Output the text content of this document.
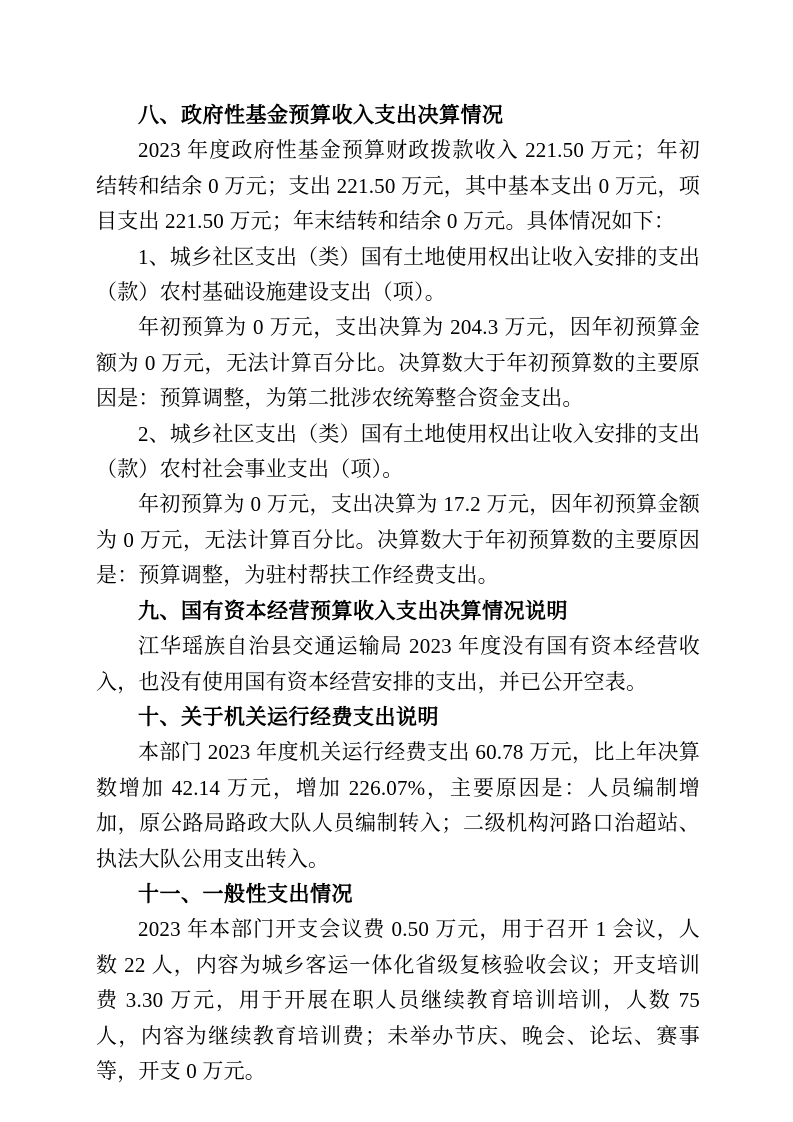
八、政府性基金预算收入支出决算情况

2023 年度政府性基金预算财政拨款收入 221.50 万元；年初结转和结余 0 万元；支出 221.50 万元，其中基本支出 0 万元，项目支出 221.50 万元；年末结转和结余 0 万元。具体情况如下：

1、城乡社区支出（类）国有土地使用权出让收入安排的支出（款）农村基础设施建设支出（项）。

年初预算为 0 万元，支出决算为 204.3 万元，因年初预算金额为 0 万元，无法计算百分比。决算数大于年初预算数的主要原因是：预算调整，为第二批涉农统筹整合资金支出。

2、城乡社区支出（类）国有土地使用权出让收入安排的支出（款）农村社会事业支出（项）。

年初预算为 0 万元，支出决算为 17.2 万元，因年初预算金额为 0 万元，无法计算百分比。决算数大于年初预算数的主要原因是：预算调整，为驻村帮扶工作经费支出。

九、国有资本经营预算收入支出决算情况说明

江华瑶族自治县交通运输局 2023 年度没有国有资本经营收入，也没有使用国有资本经营安排的支出，并已公开空表。

十、关于机关运行经费支出说明

本部门 2023 年度机关运行经费支出 60.78 万元，比上年决算数增加 42.14 万元，增加 226.07%，主要原因是：人员编制增加，原公路局路政大队人员编制转入；二级机构河路口治超站、执法大队公用支出转入。

十一、一般性支出情况

2023 年本部门开支会议费 0.50 万元，用于召开 1 会议，人数 22 人，内容为城乡客运一体化省级复核验收会议；开支培训费 3.30 万元，用于开展在职人员继续教育培训培训，人数 75 人，内容为继续教育培训费；未举办节庆、晚会、论坛、赛事等，开支 0 万元。
